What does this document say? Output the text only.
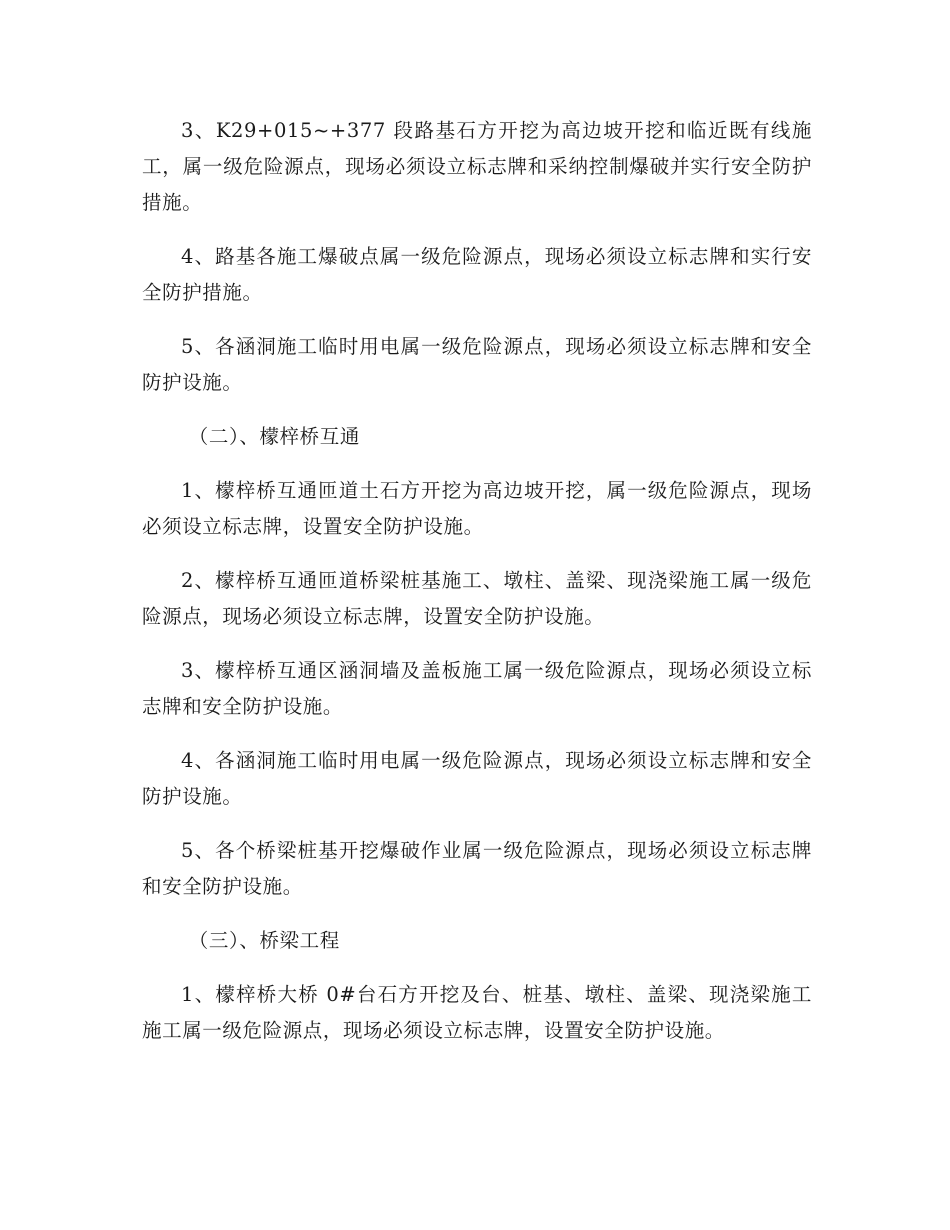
3、K29+015~+377 段路基石方开挖为高边坡开挖和临近既有线施工，属一级危险源点，现场必须设立标志牌和采纳控制爆破并实行安全防护措施。

4、路基各施工爆破点属一级危险源点，现场必须设立标志牌和实行安全防护措施。

5、各涵洞施工临时用电属一级危险源点，现场必须设立标志牌和安全防护设施。

（二）、檬梓桥互通

1、檬梓桥互通匝道土石方开挖为高边坡开挖，属一级危险源点，现场必须设立标志牌，设置安全防护设施。

2、檬梓桥互通匝道桥梁桩基施工、墩柱、盖梁、现浇梁施工属一级危险源点，现场必须设立标志牌，设置安全防护设施。

3、檬梓桥互通区涵洞墙及盖板施工属一级危险源点，现场必须设立标志牌和安全防护设施。

4、各涵洞施工临时用电属一级危险源点，现场必须设立标志牌和安全防护设施。

5、各个桥梁桩基开挖爆破作业属一级危险源点，现场必须设立标志牌和安全防护设施。

（三）、桥梁工程

1、檬梓桥大桥 0#台石方开挖及台、桩基、墩柱、盖梁、现浇梁施工施工属一级危险源点，现场必须设立标志牌，设置安全防护设施。
